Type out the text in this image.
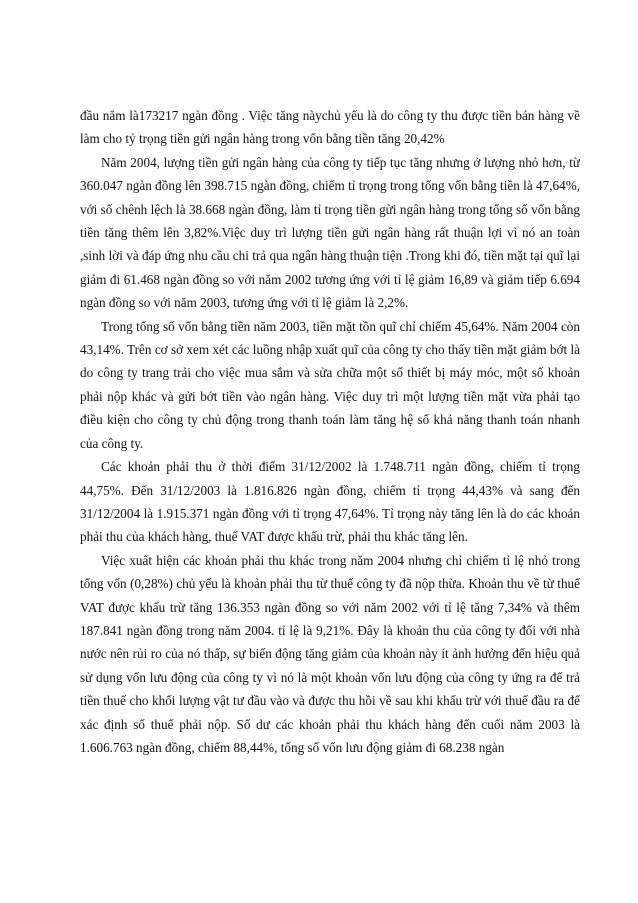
đầu năm là173217 ngàn đồng . Việc tăng nàychủ yếu là do công ty thu được tiền bán hàng về làm cho tỷ trọng tiền gửi ngân hàng trong vốn bằng tiền tăng 20,42%

Năm 2004, lượng tiền gửi ngân hàng của công ty tiếp tục tăng nhưng ở lượng nhỏ hơn, từ 360.047 ngàn đồng lên 398.715 ngàn đồng, chiếm tỉ trọng trong tổng vốn bằng tiền là 47,64%, với số chênh lệch là 38.668 ngàn đồng, làm tỉ trọng tiền gửi ngân hàng trong tổng số vốn bằng tiền tăng thêm lên 3,82%.Việc duy trì lượng tiền gửi ngân hàng rất thuận lợi vì nó an toàn ,sinh lời và đáp ứng nhu cầu chi trả qua ngân hàng thuận tiện .Trong khi đó, tiền mặt tại quĩ lại giảm đi 61.468 ngàn đồng so với năm 2002 tương ứng với tỉ lệ giảm 16,89 và giảm tiếp 6.694 ngàn đồng so với năm 2003, tương ứng với tỉ lệ giảm là 2,2%.

Trong tổng số vốn bằng tiền năm 2003, tiền mặt tồn quĩ chỉ chiếm 45,64%. Năm 2004 còn 43,14%. Trên cơ sở xem xét các luồng nhập xuất quĩ của công ty cho thấy tiền mặt giảm bớt là do công ty trang trải cho việc mua sắm và sửa chữa một số thiết bị máy móc, một số khoản phải nộp khác và gửi bớt tiền vào ngân hàng. Việc duy trì một lượng tiền mặt vừa phải tạo điều kiện cho công ty chủ động trong thanh toán làm tăng hệ số khả năng thanh toán nhanh của công ty.

Các khoản phải thu ở thời điểm 31/12/2002 là 1.748.711 ngàn đồng, chiếm tỉ trọng 44,75%. Đến 31/12/2003 là 1.816.826 ngàn đồng, chiếm tỉ trọng 44,43% và sang đến 31/12/2004 là 1.915.371 ngàn đồng với tỉ trọng 47,64%. Tỉ trọng này tăng lên là do các khoản phải thu của khách hàng, thuế VAT được khấu trừ, phải thu khác tăng lên.

Việc xuất hiện các khoản phải thu khác trong năm 2004 nhưng chỉ chiếm tỉ lệ nhỏ trong tổng vốn (0,28%) chủ yếu là khoản phải thu từ thuế công ty đã nộp thừa. Khoản thu về từ thuế VAT được khấu trừ tăng 136.353 ngàn đồng so với năm 2002 với tỉ lệ tăng 7,34% và thêm 187.841 ngàn đồng trong năm 2004. tỉ lệ là 9,21%. Đây là khoản thu của công ty đối với nhà nước nên rủi ro của nó thấp, sự biến động tăng giảm của khoản này ít ảnh hưởng đến hiệu quả sử dụng vốn lưu động của công ty vì nó là một khoản vốn lưu động của công ty ứng ra để trả tiền thuế cho khối lượng vật tư đầu vào và được thu hồi về sau khi khấu trừ với thuế đầu ra để xác định số thuế phải nộp. Số dư các khoản phải thu khách hàng đến cuối năm 2003 là 1.606.763 ngàn đồng, chiếm 88,44%, tổng số vốn lưu động giảm đi 68.238 ngàn
